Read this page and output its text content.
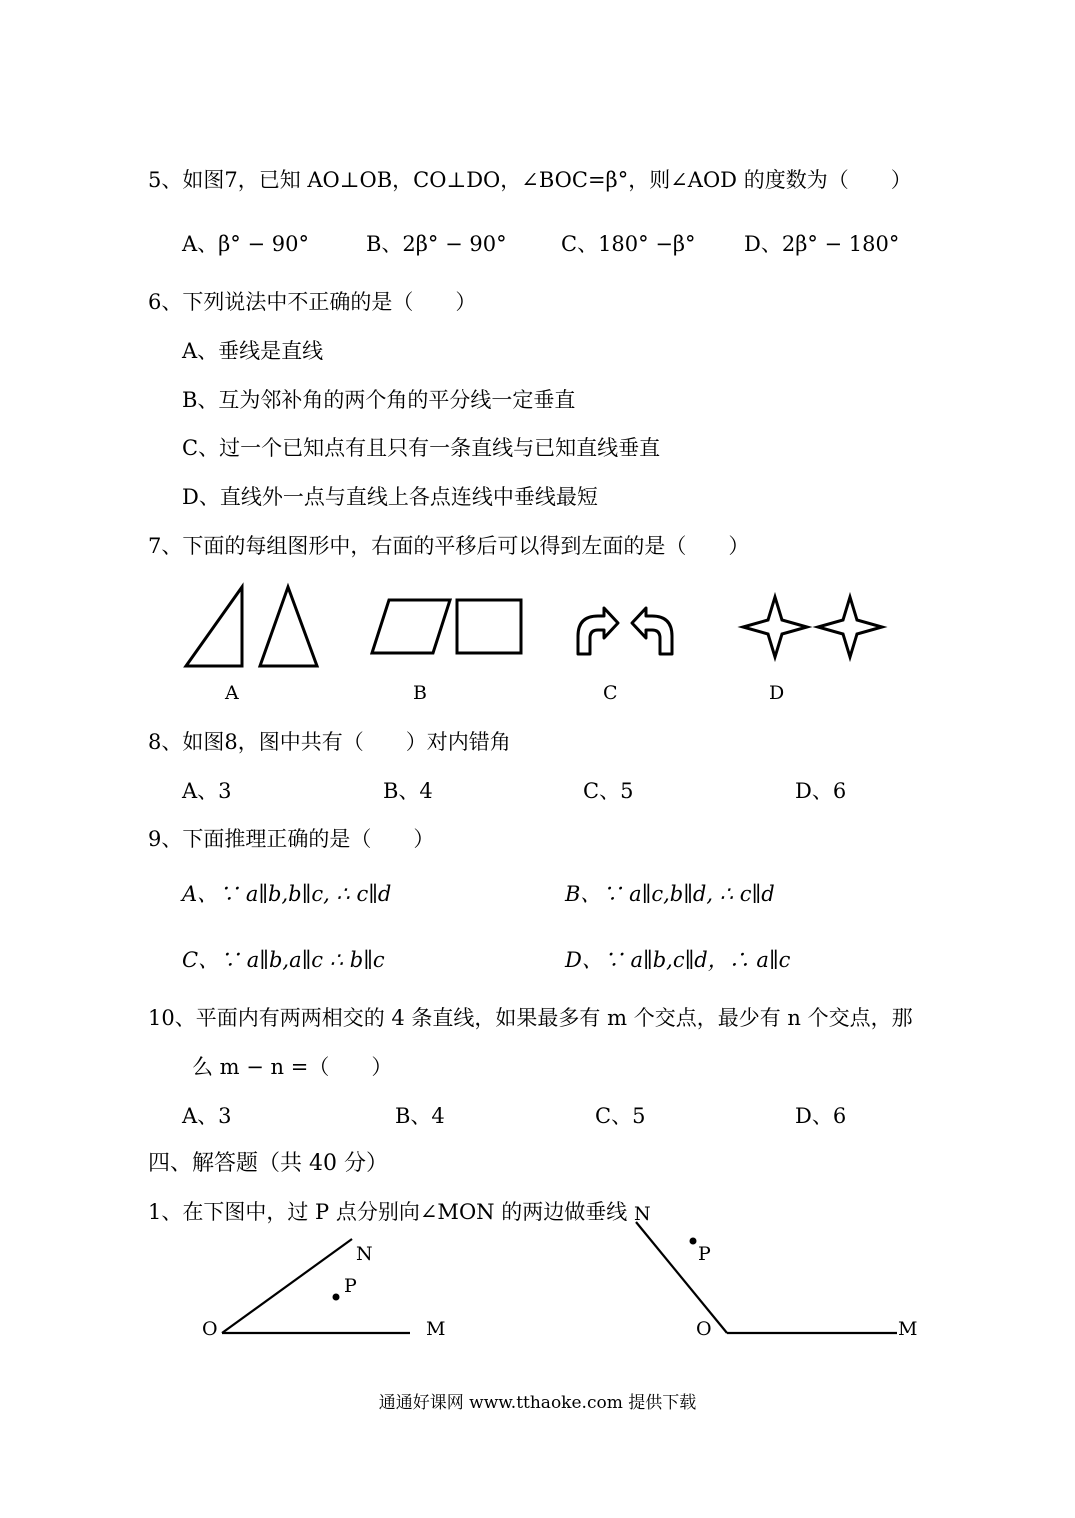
5、如图7，已知 AO⊥OB，CO⊥DO，∠BOC=β°，则∠AOD 的度数为（　　）
A、β° − 90°	B、2β° − 90°	C、180° −β° D、2β° − 180°
6、下列说法中不正确的是（　　）
A、垂线是直线
B、互为邻补角的两个角的平分线一定垂直
C、过一个已知点有且只有一条直线与已知直线垂直
D、直线外一点与直线上各点连线中垂线最短
7、下面的每组图形中，右面的平移后可以得到左面的是（　　）
A	B	C	D
8、如图8，图中共有（　　）对内错角
A、3	B、4	C、5	D、6
9、下面推理正确的是（　　）
A、∵ a∥b,b∥c, ∴ c∥d	B、∵ a∥c,b∥d, ∴ c∥d
C、∵ a∥b,a∥c ∴ b∥c	D、∵ a∥b,c∥d，∴ a∥c
10、平面内有两两相交的 4 条直线，如果最多有 m 个交点，最少有 n 个交点，那
么 m − n =（　　）
A、3	B、4	C、5	D、6
四、解答题（共 40 分）
1、在下图中，过 P 点分别向∠MON 的两边做垂线
O	M
N
P
N
P
O	M
通通好课网 www.tthaoke.com 提供下载
